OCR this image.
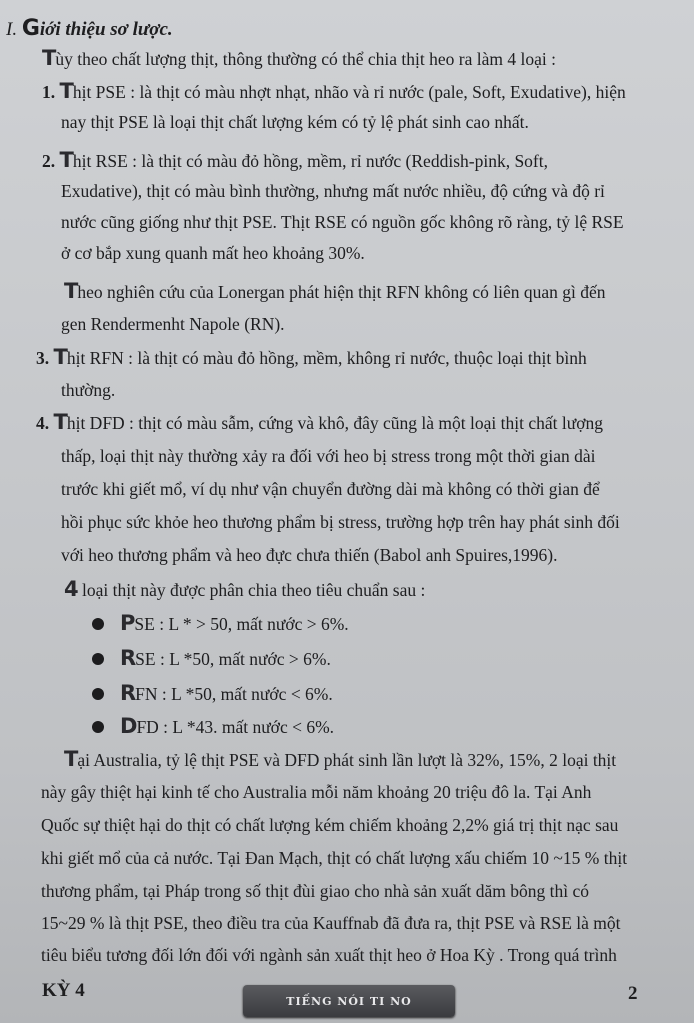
I. Giới thiệu sơ lược.
Tùy theo chất lượng thịt, thông thường có thể chia thịt heo ra làm 4 loại :
1. Thịt PSE : là thịt có màu nhợt nhạt, nhão và rỉ nước (pale, Soft, Exudative), hiện
nay thịt PSE là loại thịt chất lượng kém có tỷ lệ phát sinh cao nhất.
2. Thịt RSE : là thịt có màu đỏ hồng, mềm, rỉ nước (Reddish-pink, Soft,
Exudative), thịt có màu bình thường, nhưng mất nước nhiều, độ cứng và độ rỉ
nước cũng giống như thịt PSE. Thịt RSE có nguồn gốc không rõ ràng, tỷ lệ RSE
ở cơ bắp xung quanh mất heo khoảng 30%.
Theo nghiên cứu của Lonergan phát hiện thịt RFN không có liên quan gì đến
gen Rendermenht Napole (RN).
3. Thịt RFN : là thịt có màu đỏ hồng, mềm, không rỉ nước, thuộc loại thịt bình
thường.
4. Thịt DFD : thịt có màu sẫm, cứng và khô, đây cũng là một loại thịt chất lượng
thấp, loại thịt này thường xảy ra đối với heo bị stress trong một thời gian dài
trước khi giết mổ, ví dụ như vận chuyển đường dài mà không có thời gian để
hồi phục sức khỏe heo thương phẩm bị stress, trường hợp trên hay phát sinh đối
với heo thương phẩm và heo đực chưa thiến (Babol anh Spuires,1996).
4 loại thịt này được phân chia theo tiêu chuẩn sau :
PSE : L * > 50, mất nước > 6%.
RSE : L *50, mất nước > 6%.
RFN : L *50, mất nước < 6%.
DFD : L *43. mất nước < 6%.
Tại Australia, tỷ lệ thịt PSE và DFD phát sinh lần lượt là 32%, 15%, 2 loại thịt
này gây thiệt hại kinh tế cho Australia mỗi năm khoảng 20 triệu đô la. Tại Anh
Quốc sự thiệt hại do thịt có chất lượng kém chiếm khoảng 2,2% giá trị thịt nạc sau
khi giết mổ của cả nước. Tại Đan Mạch, thịt có chất lượng xấu chiếm 10 ~15 % thịt
thương phẩm, tại Pháp trong số thịt đùi giao cho nhà sản xuất dăm bông thì có
15~29 % là thịt PSE, theo điều tra của Kauffnab đã đưa ra, thịt PSE và RSE là một
tiêu biểu tương đối lớn đối với ngành sản xuất thịt heo ở Hoa Kỳ . Trong quá trình
KỲ 4	TIẾNG NÓI TI NO	2
